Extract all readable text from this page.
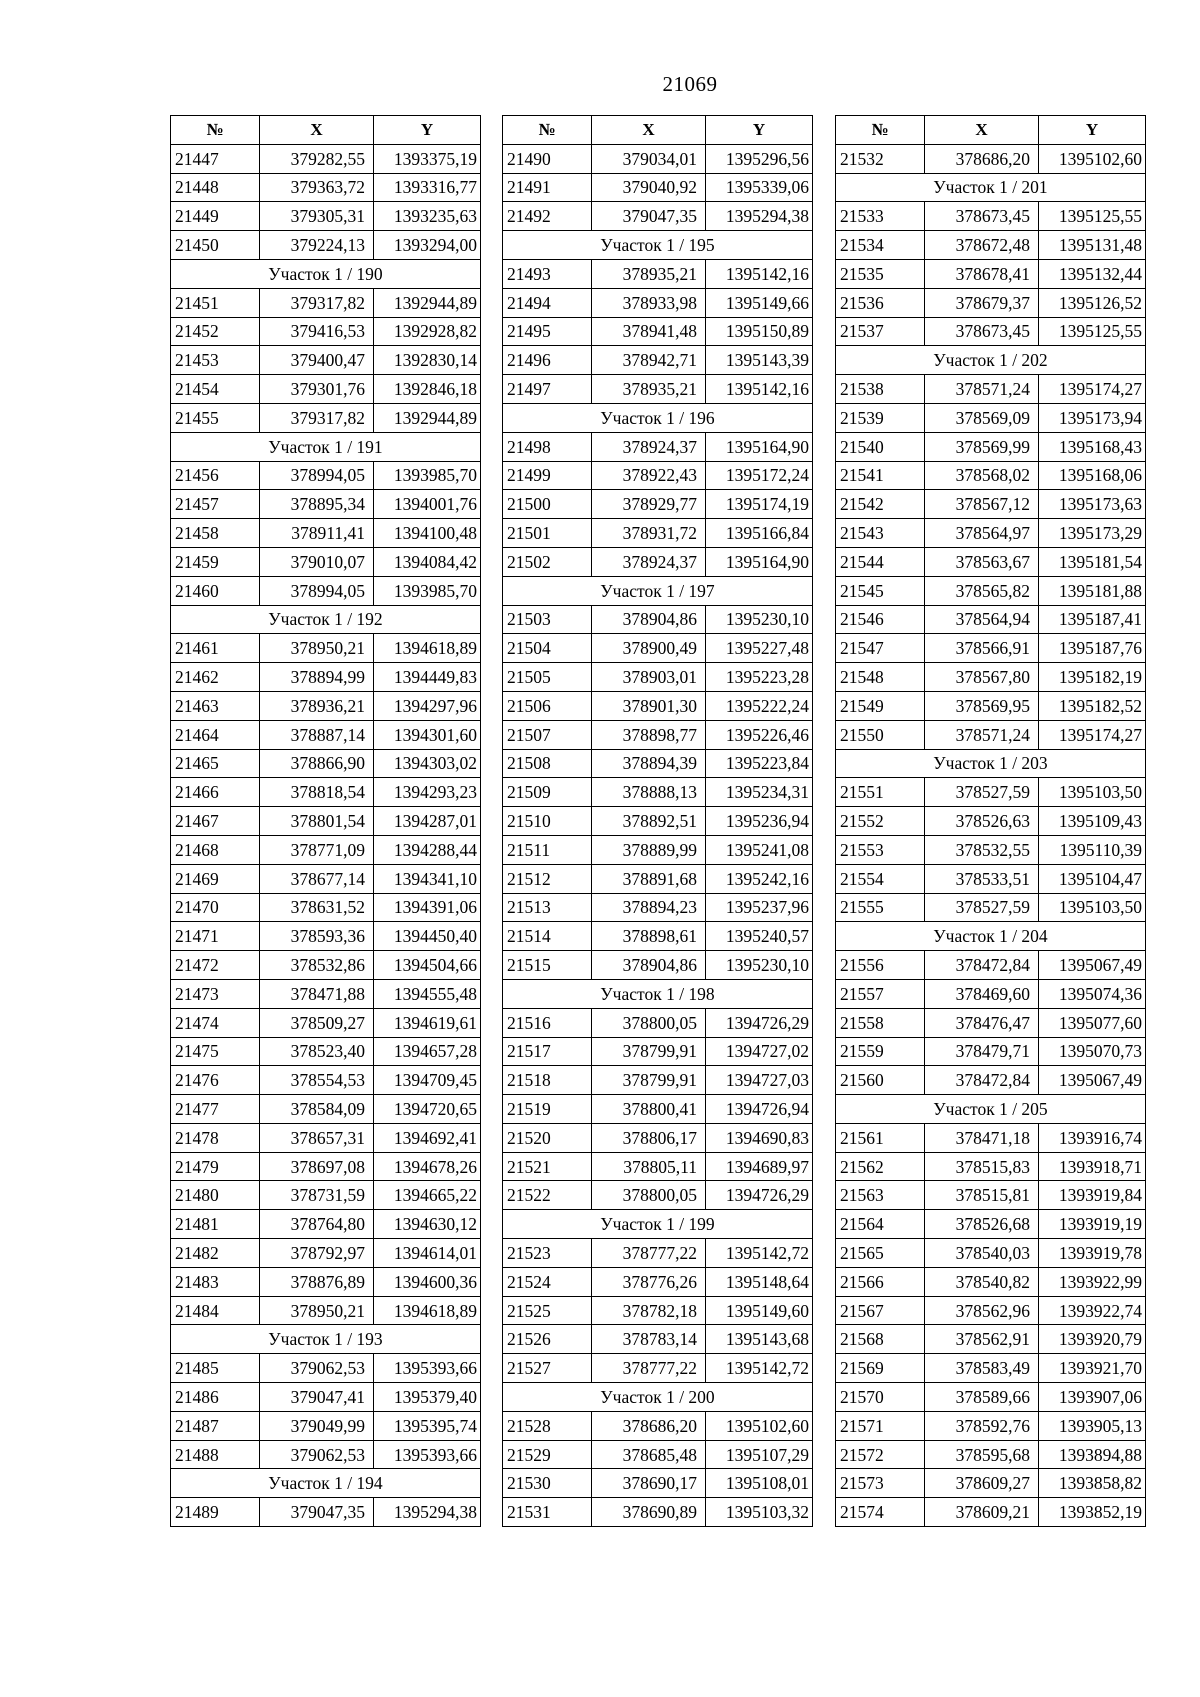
21069
№	X	Y
21447	379282,55	1393375,19
21448	379363,72	1393316,77
21449	379305,31	1393235,63
21450	379224,13	1393294,00
Участок 1 / 190		
21451	379317,82	1392944,89
21452	379416,53	1392928,82
21453	379400,47	1392830,14
21454	379301,76	1392846,18
21455	379317,82	1392944,89
Участок 1 / 191		
21456	378994,05	1393985,70
21457	378895,34	1394001,76
21458	378911,41	1394100,48
21459	379010,07	1394084,42
21460	378994,05	1393985,70
Участок 1 / 192		
21461	378950,21	1394618,89
21462	378894,99	1394449,83
21463	378936,21	1394297,96
21464	378887,14	1394301,60
21465	378866,90	1394303,02
21466	378818,54	1394293,23
21467	378801,54	1394287,01
21468	378771,09	1394288,44
21469	378677,14	1394341,10
21470	378631,52	1394391,06
21471	378593,36	1394450,40
21472	378532,86	1394504,66
21473	378471,88	1394555,48
21474	378509,27	1394619,61
21475	378523,40	1394657,28
21476	378554,53	1394709,45
21477	378584,09	1394720,65
21478	378657,31	1394692,41
21479	378697,08	1394678,26
21480	378731,59	1394665,22
21481	378764,80	1394630,12
21482	378792,97	1394614,01
21483	378876,89	1394600,36
21484	378950,21	1394618,89
Участок 1 / 193		
21485	379062,53	1395393,66
21486	379047,41	1395379,40
21487	379049,99	1395395,74
21488	379062,53	1395393,66
Участок 1 / 194		
21489	379047,35	1395294,38
№	X	Y
21490	379034,01	1395296,56
21491	379040,92	1395339,06
21492	379047,35	1395294,38
Участок 1 / 195		
21493	378935,21	1395142,16
21494	378933,98	1395149,66
21495	378941,48	1395150,89
21496	378942,71	1395143,39
21497	378935,21	1395142,16
Участок 1 / 196		
21498	378924,37	1395164,90
21499	378922,43	1395172,24
21500	378929,77	1395174,19
21501	378931,72	1395166,84
21502	378924,37	1395164,90
Участок 1 / 197		
21503	378904,86	1395230,10
21504	378900,49	1395227,48
21505	378903,01	1395223,28
21506	378901,30	1395222,24
21507	378898,77	1395226,46
21508	378894,39	1395223,84
21509	378888,13	1395234,31
21510	378892,51	1395236,94
21511	378889,99	1395241,08
21512	378891,68	1395242,16
21513	378894,23	1395237,96
21514	378898,61	1395240,57
21515	378904,86	1395230,10
Участок 1 / 198		
21516	378800,05	1394726,29
21517	378799,91	1394727,02
21518	378799,91	1394727,03
21519	378800,41	1394726,94
21520	378806,17	1394690,83
21521	378805,11	1394689,97
21522	378800,05	1394726,29
Участок 1 / 199		
21523	378777,22	1395142,72
21524	378776,26	1395148,64
21525	378782,18	1395149,60
21526	378783,14	1395143,68
21527	378777,22	1395142,72
Участок 1 / 200		
21528	378686,20	1395102,60
21529	378685,48	1395107,29
21530	378690,17	1395108,01
21531	378690,89	1395103,32
№	X	Y
21532	378686,20	1395102,60
Участок 1 / 201		
21533	378673,45	1395125,55
21534	378672,48	1395131,48
21535	378678,41	1395132,44
21536	378679,37	1395126,52
21537	378673,45	1395125,55
Участок 1 / 202		
21538	378571,24	1395174,27
21539	378569,09	1395173,94
21540	378569,99	1395168,43
21541	378568,02	1395168,06
21542	378567,12	1395173,63
21543	378564,97	1395173,29
21544	378563,67	1395181,54
21545	378565,82	1395181,88
21546	378564,94	1395187,41
21547	378566,91	1395187,76
21548	378567,80	1395182,19
21549	378569,95	1395182,52
21550	378571,24	1395174,27
Участок 1 / 203		
21551	378527,59	1395103,50
21552	378526,63	1395109,43
21553	378532,55	1395110,39
21554	378533,51	1395104,47
21555	378527,59	1395103,50
Участок 1 / 204		
21556	378472,84	1395067,49
21557	378469,60	1395074,36
21558	378476,47	1395077,60
21559	378479,71	1395070,73
21560	378472,84	1395067,49
Участок 1 / 205		
21561	378471,18	1393916,74
21562	378515,83	1393918,71
21563	378515,81	1393919,84
21564	378526,68	1393919,19
21565	378540,03	1393919,78
21566	378540,82	1393922,99
21567	378562,96	1393922,74
21568	378562,91	1393920,79
21569	378583,49	1393921,70
21570	378589,66	1393907,06
21571	378592,76	1393905,13
21572	378595,68	1393894,88
21573	378609,27	1393858,82
21574	378609,21	1393852,19
